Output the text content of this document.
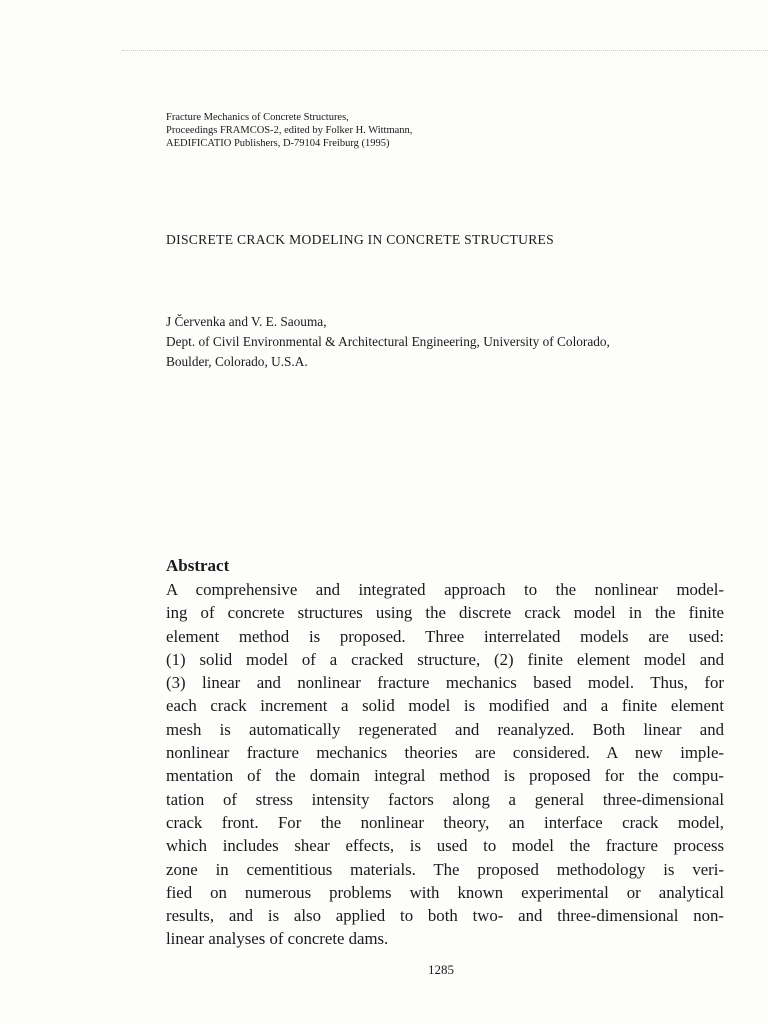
Fracture Mechanics of Concrete Structures,
Proceedings FRAMCOS-2, edited by Folker H. Wittmann,
AEDIFICATIO Publishers, D-79104 Freiburg (1995)
DISCRETE CRACK MODELING IN CONCRETE STRUCTURES
J Červenka and V. E. Saouma,
Dept. of Civil Environmental & Architectural Engineering, University of Colorado,
Boulder, Colorado, U.S.A.
Abstract
A comprehensive and integrated approach to the nonlinear model-
ing of concrete structures using the discrete crack model in the finite
element method is proposed. Three interrelated models are used:
(1) solid model of a cracked structure, (2) finite element model and
(3) linear and nonlinear fracture mechanics based model. Thus, for
each crack increment a solid model is modified and a finite element
mesh is automatically regenerated and reanalyzed. Both linear and
nonlinear fracture mechanics theories are considered. A new imple-
mentation of the domain integral method is proposed for the compu-
tation of stress intensity factors along a general three-dimensional
crack front. For the nonlinear theory, an interface crack model,
which includes shear effects, is used to model the fracture process
zone in cementitious materials. The proposed methodology is veri-
fied on numerous problems with known experimental or analytical
results, and is also applied to both two- and three-dimensional non-
linear analyses of concrete dams.
1285
